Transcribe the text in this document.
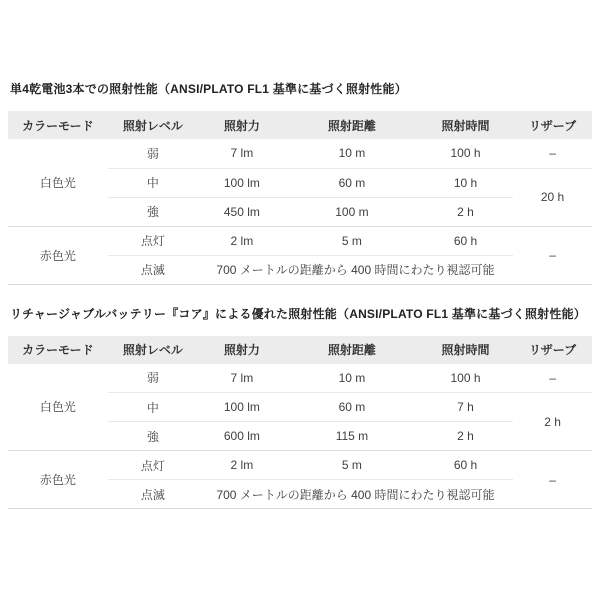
単4乾電池3本での照射性能（ANSI/PLATO FL1 基準に基づく照射性能）
カラーモード	照射レベル	照射力	照射距離	照射時間	リザーブ
白色光	弱	7 lm	10 m	100 h	–
	中	100 lm	60 m	10 h	20 h
	強	450 lm	100 m	2 h	
赤色光	点灯	2 lm	5 m	60 h	–
	点滅	700 メートルの距離から 400 時間にわたり視認可能			
リチャージャブルバッテリー『コア』による優れた照射性能（ANSI/PLATO FL1 基準に基づく照射性能）
カラーモード	照射レベル	照射力	照射距離	照射時間	リザーブ
白色光	弱	7 lm	10 m	100 h	–
	中	100 lm	60 m	7 h	2 h
	強	600 lm	115 m	2 h	
赤色光	点灯	2 lm	5 m	60 h	–
	点滅	700 メートルの距離から 400 時間にわたり視認可能			
